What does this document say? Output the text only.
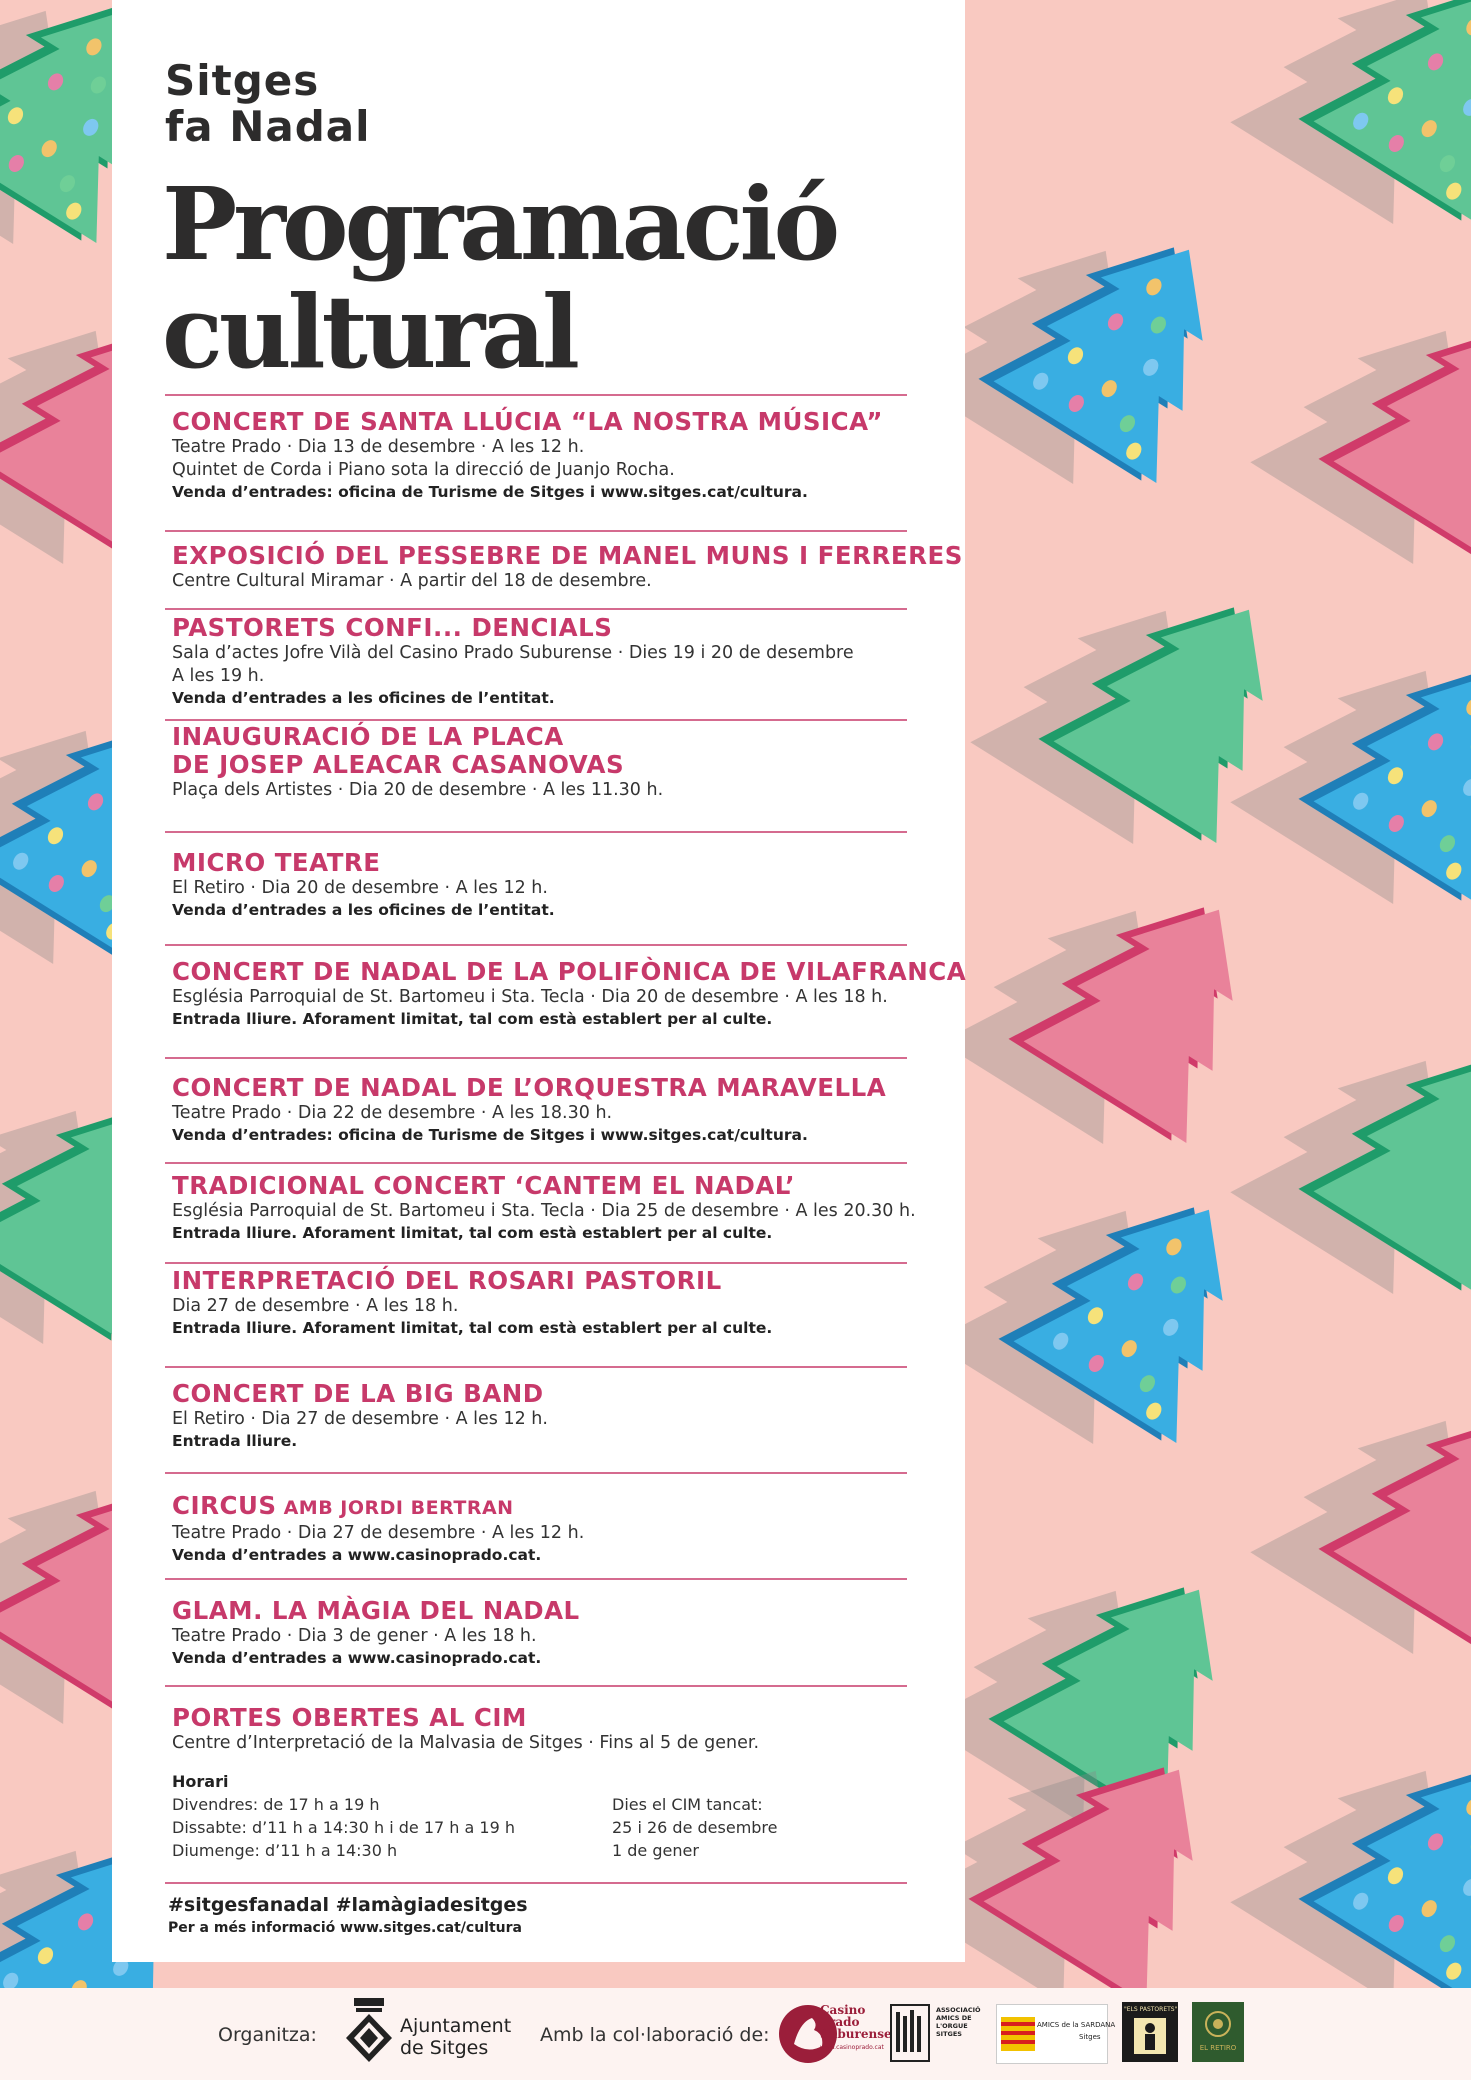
Sitges
fa Nadal
Programació
cultural
CONCERT DE SANTA LLÚCIA “LA NOSTRA MÚSICA”
Teatre Prado · Dia 13 de desembre · A les 12 h.
Quintet de Corda i Piano sota la direcció de Juanjo Rocha.
Venda d’entrades: oficina de Turisme de Sitges i www.sitges.cat/cultura.
EXPOSICIÓ DEL PESSEBRE DE MANEL MUNS I FERRERES
Centre Cultural Miramar · A partir del 18 de desembre.
PASTORETS CONFI... DENCIALS
Sala d’actes Jofre Vilà del Casino Prado Suburense · Dies 19 i 20 de desembre
A les 19 h.
Venda d’entrades a les oficines de l’entitat.
INAUGURACIÓ DE LA PLACA
DE JOSEP ALEACAR CASANOVAS
Plaça dels Artistes · Dia 20 de desembre · A les 11.30 h.
MICRO TEATRE
El Retiro · Dia 20 de desembre · A les 12 h.
Venda d’entrades a les oficines de l’entitat.
CONCERT DE NADAL DE LA POLIFÒNICA DE VILAFRANCA
Església Parroquial de St. Bartomeu i Sta. Tecla · Dia 20 de desembre · A les 18 h.
Entrada lliure. Aforament limitat, tal com està establert per al culte.
CONCERT DE NADAL DE L’ORQUESTRA MARAVELLA
Teatre Prado · Dia 22 de desembre · A les 18.30 h.
Venda d’entrades: oficina de Turisme de Sitges i www.sitges.cat/cultura.
TRADICIONAL CONCERT ‘CANTEM EL NADAL’
Església Parroquial de St. Bartomeu i Sta. Tecla · Dia 25 de desembre · A les 20.30 h.
Entrada lliure. Aforament limitat, tal com està establert per al culte.
INTERPRETACIÓ DEL ROSARI PASTORIL
Dia 27 de desembre · A les 18 h.
Entrada lliure. Aforament limitat, tal com està establert per al culte.
CONCERT DE LA BIG BAND
El Retiro · Dia 27 de desembre · A les 12 h.
Entrada lliure.
CIRCUS AMB JORDI BERTRAN
Teatre Prado · Dia 27 de desembre · A les 12 h.
Venda d’entrades a www.casinoprado.cat.
GLAM. LA MÀGIA DEL NADAL
Teatre Prado · Dia 3 de gener · A les 18 h.
Venda d’entrades a www.casinoprado.cat.
PORTES OBERTES AL CIM
Centre d’Interpretació de la Malvasia de Sitges · Fins al 5 de gener.
Horari
Divendres: de 17 h a 19 h
Dissabte: d’11 h a 14:30 h i de 17 h a 19 h
Diumenge: d’11 h a 14:30 h
Dies el CIM tancat:
25 i 26 de desembre
1 de gener
#sitgesfanadal #lamàgiadesitges
Per a més informació www.sitges.cat/cultura
Organitza:	Ajuntament
de Sitges
Amb la col·laboració de:
Casino
Prado
Suburense
www.casinoprado.cat
ASSOCIACIÓ AMICS DE L'ORGUE SITGES
AMICS de la SARDANA
Sitges
"ELS PASTORETS"
EL RETIRO
